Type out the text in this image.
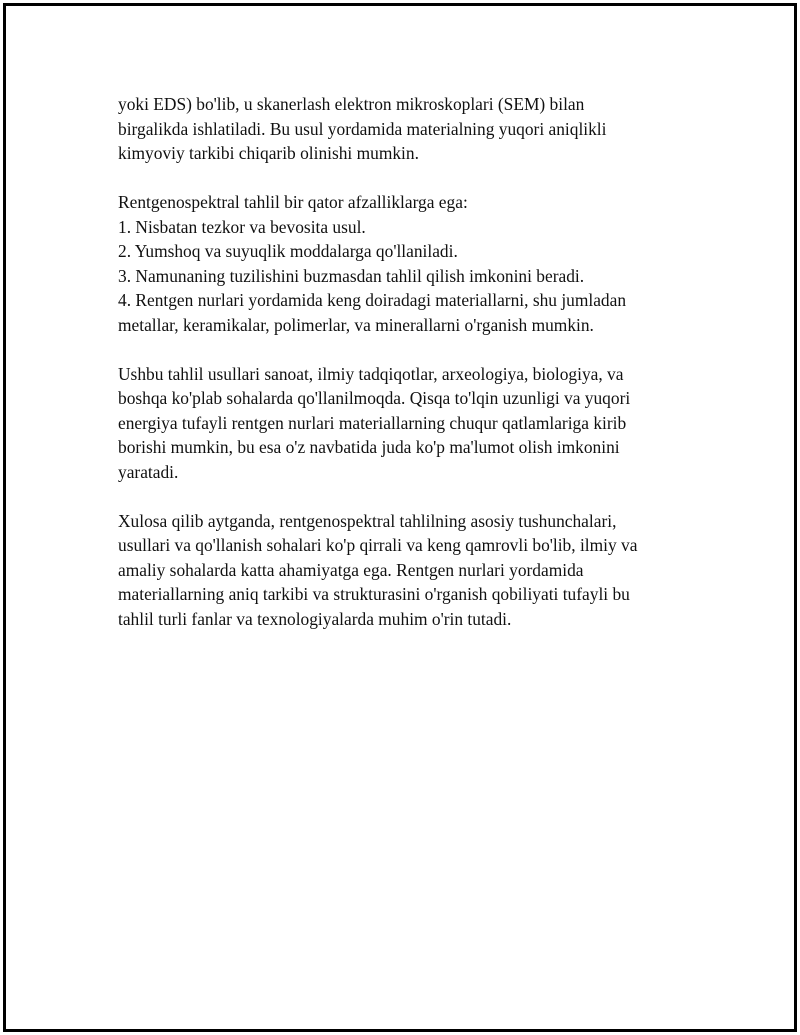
yoki EDS) bo'lib, u skanerlash elektron mikroskoplari (SEM) bilan
birgalikda ishlatiladi. Bu usul yordamida materialning yuqori aniqlikli
kimyoviy tarkibi chiqarib olinishi mumkin.

Rentgenospektral tahlil bir qator afzalliklarga ega:
1. Nisbatan tezkor va bevosita usul.
2. Yumshoq va suyuqlik moddalarga qo'llaniladi.
3. Namunaning tuzilishini buzmasdan tahlil qilish imkonini beradi.
4. Rentgen nurlari yordamida keng doiradagi materiallarni, shu jumladan
metallar, keramikalar, polimerlar, va minerallarni o'rganish mumkin.

Ushbu tahlil usullari sanoat, ilmiy tadqiqotlar, arxeologiya, biologiya, va
boshqa ko'plab sohalarda qo'llanilmoqda. Qisqa to'lqin uzunligi va yuqori
energiya tufayli rentgen nurlari materiallarning chuqur qatlamlariga kirib
borishi mumkin, bu esa o'z navbatida juda ko'p ma'lumot olish imkonini
yaratadi.

Xulosa qilib aytganda, rentgenospektral tahlilning asosiy tushunchalari,
usullari va qo'llanish sohalari ko'p qirrali va keng qamrovli bo'lib, ilmiy va
amaliy sohalarda katta ahamiyatga ega. Rentgen nurlari yordamida
materiallarning aniq tarkibi va strukturasini o'rganish qobiliyati tufayli bu
tahlil turli fanlar va texnologiyalarda muhim o'rin tutadi.
